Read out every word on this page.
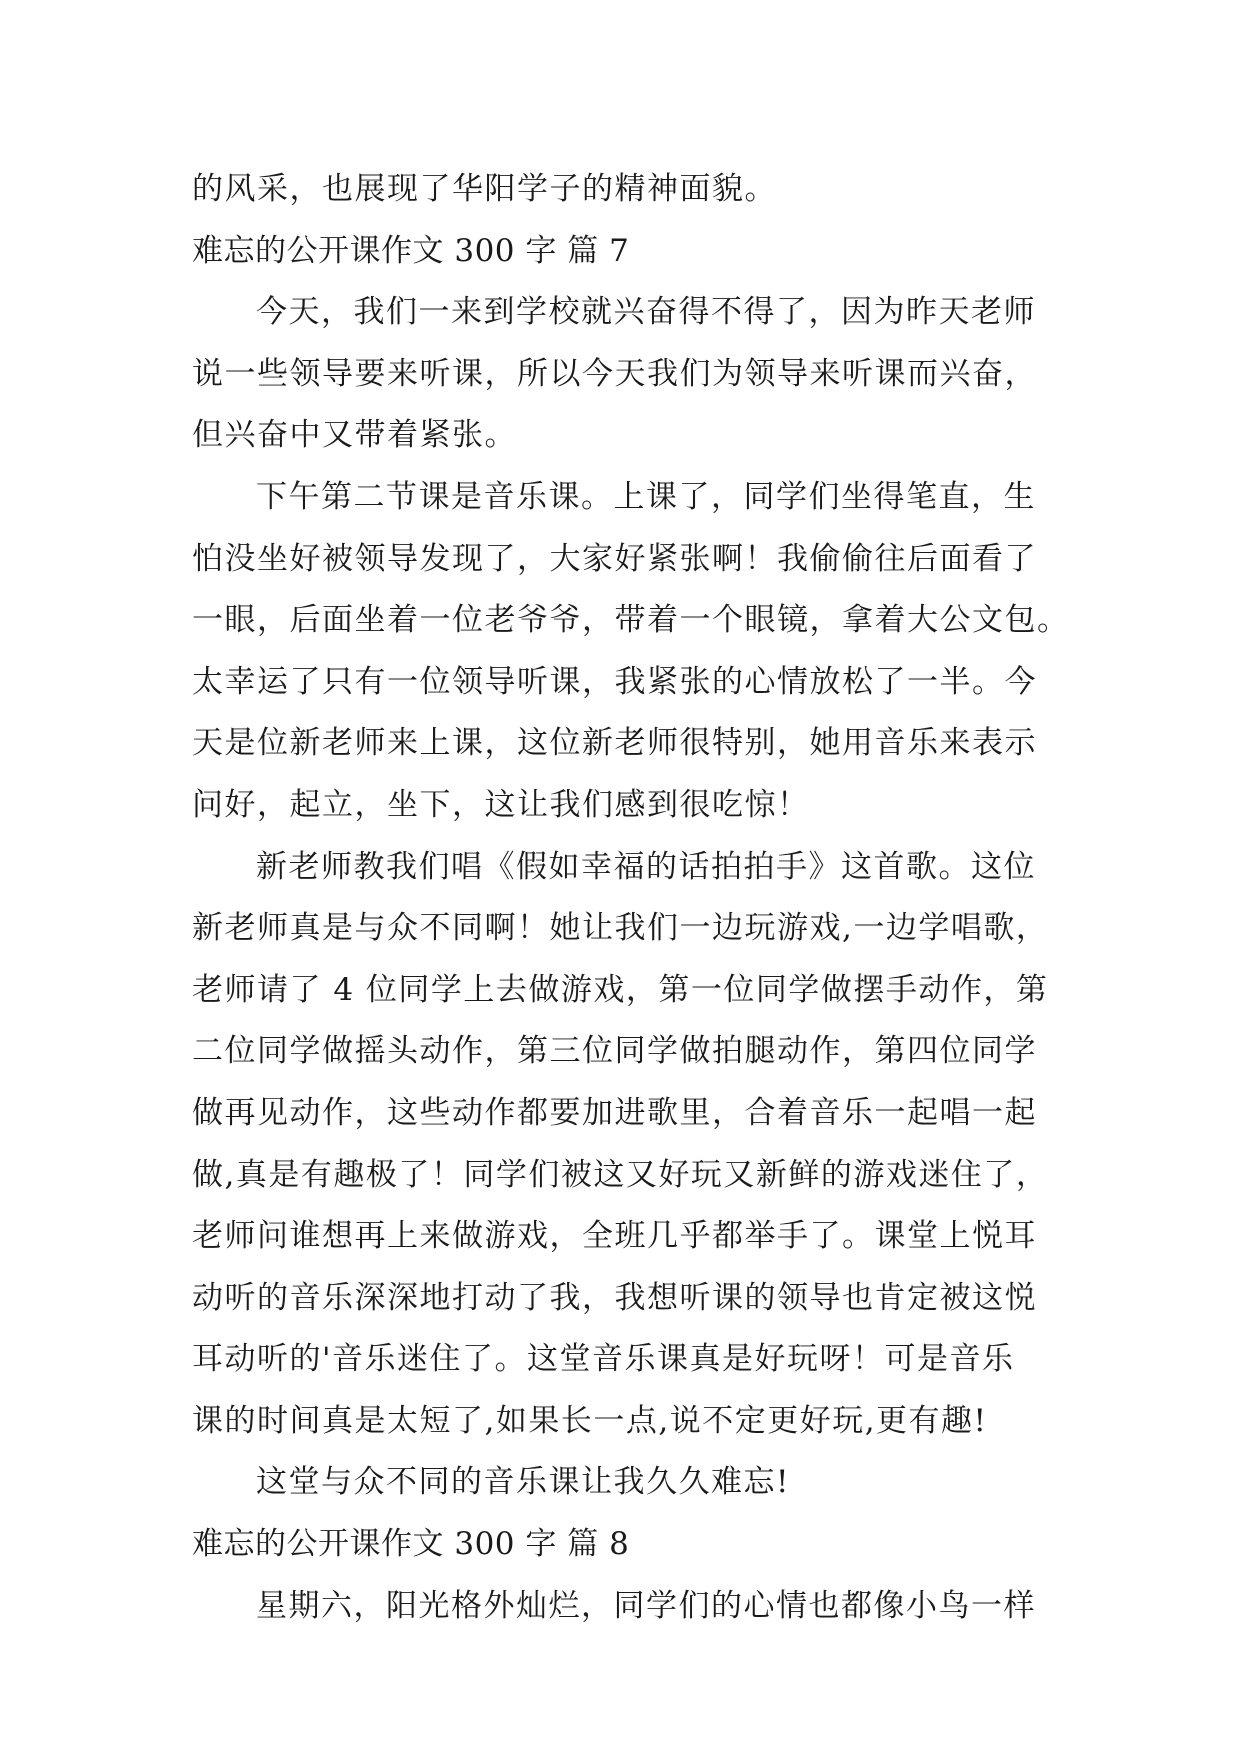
的风采，也展现了华阳学子的精神面貌。
难忘的公开课作文 300 字 篇 7
今天，我们一来到学校就兴奋得不得了，因为昨天老师
说一些领导要来听课，所以今天我们为领导来听课而兴奋，
但兴奋中又带着紧张。
下午第二节课是音乐课。上课了，同学们坐得笔直，生
怕没坐好被领导发现了，大家好紧张啊！我偷偷往后面看了
一眼，后面坐着一位老爷爷，带着一个眼镜，拿着大公文包。
太幸运了只有一位领导听课，我紧张的心情放松了一半。今
天是位新老师来上课，这位新老师很特别，她用音乐来表示
问好，起立，坐下，这让我们感到很吃惊！
新老师教我们唱《假如幸福的话拍拍手》这首歌。这位
新老师真是与众不同啊！她让我们一边玩游戏,一边学唱歌，
老师请了 4 位同学上去做游戏，第一位同学做摆手动作，第
二位同学做摇头动作，第三位同学做拍腿动作，第四位同学
做再见动作，这些动作都要加进歌里，合着音乐一起唱一起
做,真是有趣极了！同学们被这又好玩又新鲜的游戏迷住了，
老师问谁想再上来做游戏，全班几乎都举手了。课堂上悦耳
动听的音乐深深地打动了我，我想听课的领导也肯定被这悦
耳动听的'音乐迷住了。这堂音乐课真是好玩呀！可是音乐
课的时间真是太短了,如果长一点,说不定更好玩,更有趣!
这堂与众不同的音乐课让我久久难忘!
难忘的公开课作文 300 字 篇 8
星期六，阳光格外灿烂，同学们的心情也都像小鸟一样
